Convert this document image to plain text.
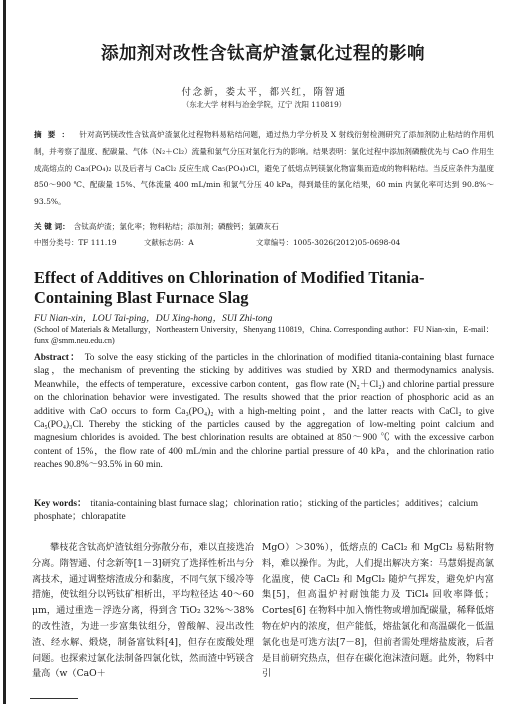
添加剂对改性含钛高炉渣氯化过程的影响
付念新，娄太平，都兴红，隋智通
（东北大学 材料与冶金学院，辽宁 沈阳 110819）
摘要： 针对高钙镁改性含钛高炉渣氯化过程物料易粘结问题，通过热力学分析及 X 射线衍射检测研究了添加剂防止粘结的作用机制，并考察了温度、配碳量、气体（N₂＋Cl₂）流量和氯气分压对氯化行为的影响。结果表明：氯化过程中添加剂磷酸优先与 CaO 作用生成高熔点的 Ca₃(PO₄)₂ 以及后者与 CaCl₂ 反应生成 Ca₅(PO₄)₃Cl，避免了低熔点钙镁氯化物富集而造成的物料粘结。当反应条件为温度 850～900 ℃、配碳量 15%、气体流量 400 mL/min 和氯气分压 40 kPa，得到最佳的氯化结果，60 min 内氯化率可达到 90.8%～93.5%。
关 键 词： 含钛高炉渣；氯化率；物料粘结；添加剂；磷酸钙；氯磷灰石
中图分类号：TF 111.19	文献标志码：A	文章编号：1005-3026(2012)05-0698-04
Effect of Additives on Chlorination of Modified Titania-Containing Blast Furnace Slag
FU Nian-xin，LOU Tai-ping，DU Xing-hong，SUI Zhi-tong
(School of Materials & Metallurgy，Northeastern University，Shenyang 110819，China. Corresponding author：FU Nian-xin，E-mail：funx @smm.neu.edu.cn)
Abstract： To solve the easy sticking of the particles in the chlorination of modified titania-containing blast furnace slag，the mechanism of preventing the sticking by additives was studied by XRD and thermodynamics analysis. Meanwhile，the effects of temperature，excessive carbon content，gas flow rate (N₂＋Cl₂) and chlorine partial pressure on the chlorination behavior were investigated. The results showed that the prior reaction of phosphoric acid as an additive with CaO occurs to form Ca₃(PO₄)₂ with a high-melting point，and the latter reacts with CaCl₂ to give Ca₅(PO₄)₃Cl. Thereby the sticking of the particles caused by the aggregation of low-melting point calcium and magnesium chlorides is avoided. The best chlorination results are obtained at 850～900 ℃ with the excessive carbon content of 15%，the flow rate of 400 mL/min and the chlorine partial pressure of 40 kPa，and the chlorination ratio reaches 90.8%～93.5% in 60 min.
Key words： titania-containing blast furnace slag；chlorination ratio；sticking of the particles；additives；calcium phosphate；chlorapatite
攀枝花含钛高炉渣钛组分弥散分布，难以直接选冶分离。隋智通、付念新等[1－3]研究了选择性析出与分离技术，通过调整熔渣成分和黏度，不同气氛下缓冷等措施，使钛组分以钙钛矿相析出，平均粒径达 40～60 μm，通过重选－浮选分离，得到含 TiO₂ 32%～38%的改性渣，为进一步富集钛组分，曾酸解、浸出改性渣、经水解、煅烧，制备富钛料[4]，但存在废酸处理问题。也探索过氯化法制备四氯化钛，然而渣中钙镁含量高（w（CaO＋
MgO）＞30%），低熔点的 CaCl₂ 和 MgCl₂ 易粘附物料，难以操作。为此，人们提出解决方案：马慧娟提高氯化温度，使 CaCl₂ 和 MgCl₂ 随炉气挥发，避免炉内富集[5]，但高温炉衬耐蚀能力及 TiCl₄ 回收率降低；Cortes[6] 在物料中加入惰性物或增加配碳量，稀释低熔物在炉内的浓度，但产能低，熔盐氯化和高温碳化－低温氯化也是可选方法[7－8]，但前者需处理熔盐废液，后者是目前研究热点，但存在碳化泡沫渣问题。此外，物料中引
